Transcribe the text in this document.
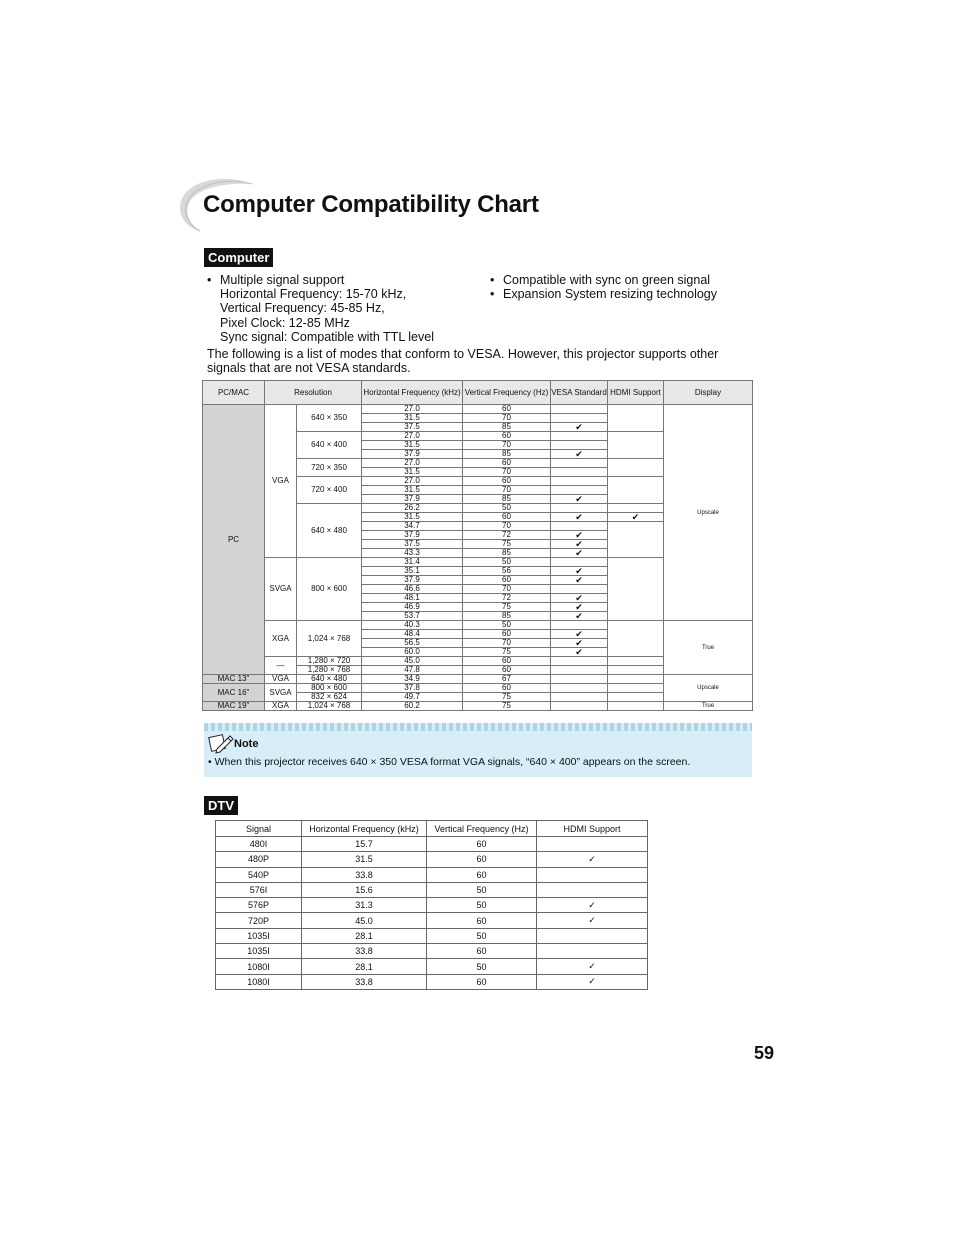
Computer Compatibility Chart
Computer
• Multiple signal support
Horizontal Frequency: 15-70 kHz,
Vertical Frequency: 45-85 Hz,
Pixel Clock: 12-85 MHz
Sync signal: Compatible with TTL level
• Compatible with sync on green signal
• Expansion System resizing technology

The following is a list of modes that conform to VESA. However, this projector supports other signals that are not VESA standards.

PC/MAC	Resolution		Horizontal Frequency (kHz)	Vertical Frequency (Hz)	VESA Standard	HDMI Support	Display
PC	VGA	640 × 350	27.0	60			Upscale
			31.5	70			
			37.5	85	✔		
		640 × 400	27.0	60			
			31.5	70			
			37.9	85	✔		
		720 × 350	27.0	60			
			31.5	70			
		720 × 400	27.0	60			
			31.5	70			
			37.9	85	✔		
		640 × 480	26.2	50			
			31.5	60	✔	✔	
			34.7	70			
			37.9	72	✔		
			37.5	75	✔		
			43.3	85	✔		
	SVGA	800 × 600	31.4	50			
			35.1	56	✔		
			37.9	60	✔		
			46.6	70			
			48.1	72	✔		
			46.9	75	✔		
			53.7	85	✔		
	XGA	1,024 × 768	40.3	50			True
			48.4	60	✔		
			56.5	70	✔		
			60.0	75	✔		
	—	1,280 × 720	45.0	60			
		1,280 × 768	47.8	60			
MAC 13"	VGA	640 × 480	34.9	67			Upscale
MAC 16"	SVGA	800 × 600	37.8	60			
		832 × 624	49.7	75			
MAC 19"	XGA	1,024 × 768	60.2	75			True
Note
• When this projector receives 640 × 350 VESA format VGA signals, “640 × 400” appears on the screen.
DTV
Signal	Horizontal Frequency (kHz)	Vertical Frequency (Hz)	HDMI Support
480I	15.7	60	
480P	31.5	60	✓
540P	33.8	60	
576I	15.6	50	
576P	31.3	50	✓
720P	45.0	60	✓
1035I	28.1	50	
1035I	33.8	60	
1080I	28.1	50	✓
1080I	33.8	60	✓
59
